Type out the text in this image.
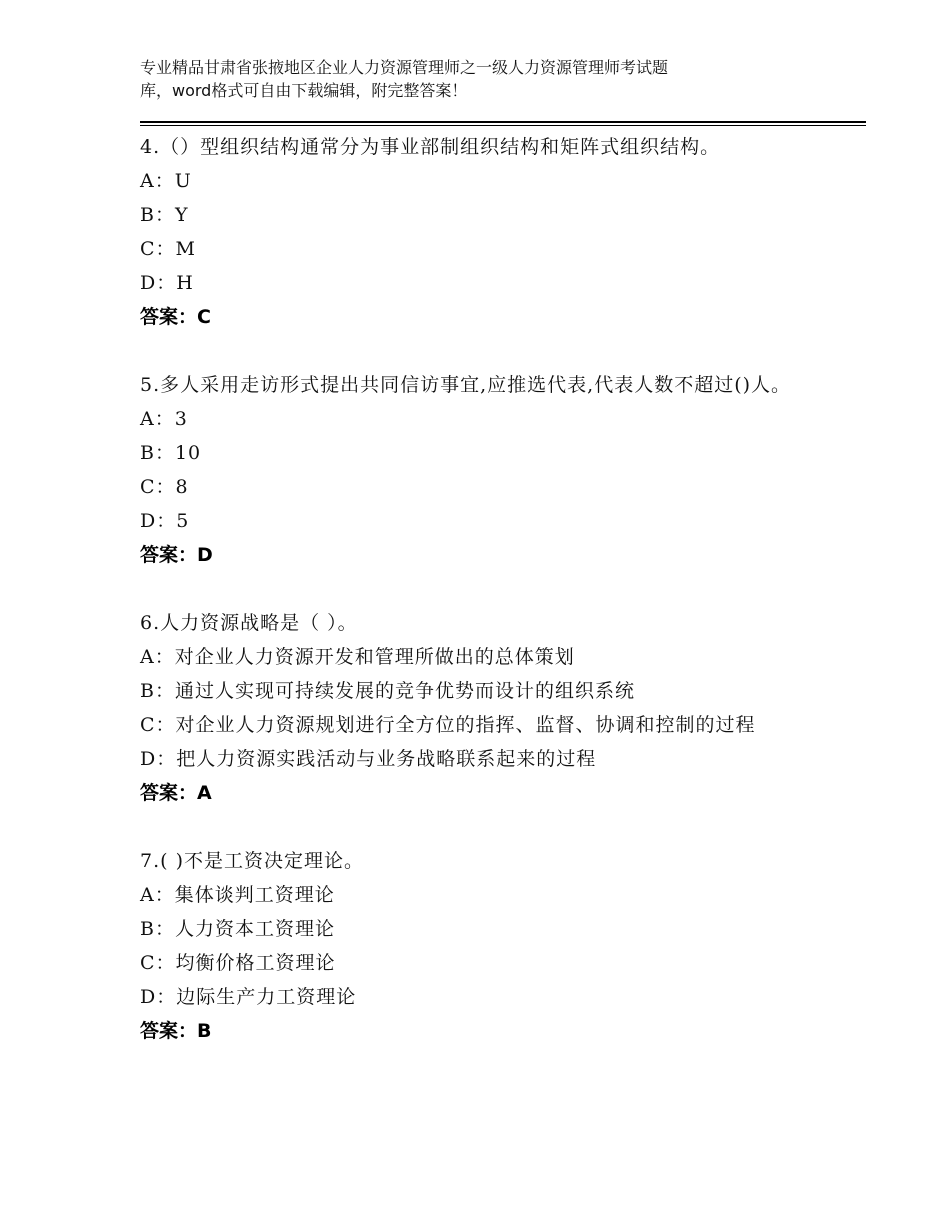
专业精品甘肃省张掖地区企业人力资源管理师之一级人力资源管理师考试题
库，word格式可自由下载编辑，附完整答案！
4.（）型组织结构通常分为事业部制组织结构和矩阵式组织结构。
A：U
B：Y
C：M
D：H
答案：C
5.多人采用走访形式提出共同信访事宜,应推选代表,代表人数不超过()人。
A：3
B：10
C：8
D：5
答案：D
6.人力资源战略是（ ）。
A：对企业人力资源开发和管理所做出的总体策划
B：通过人实现可持续发展的竞争优势而设计的组织系统
C：对企业人力资源规划进行全方位的指挥、监督、协调和控制的过程
D：把人力资源实践活动与业务战略联系起来的过程
答案：A
7.( )不是工资决定理论。
A：集体谈判工资理论
B：人力资本工资理论
C：均衡价格工资理论
D：边际生产力工资理论
答案：B
